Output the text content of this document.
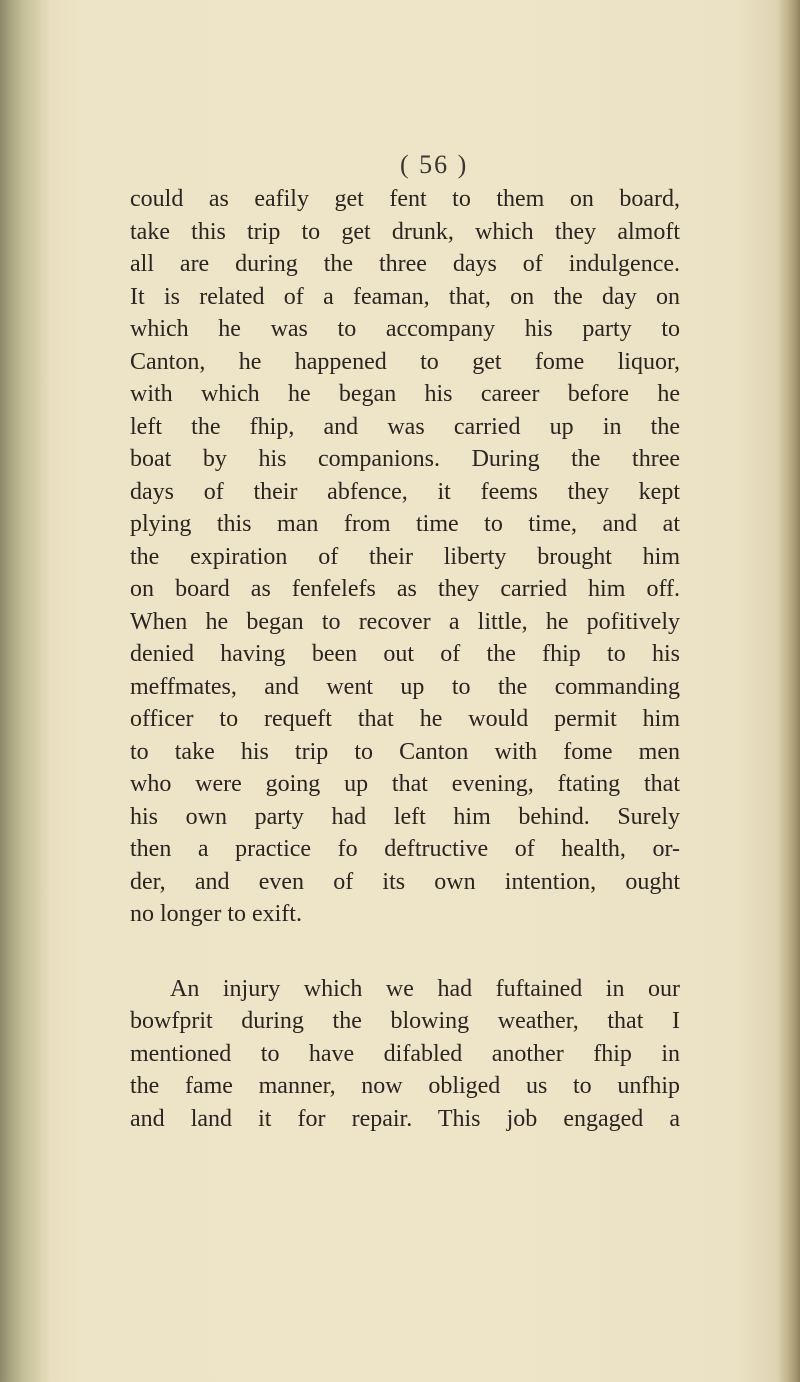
( 56 )
could as eafily get fent to them on board,
take this trip to get drunk, which they almoft
all are during the three days of indulgence.
It is related of a feaman, that, on the day on
which he was to accompany his party to
Canton, he happened to get fome liquor,
with which he began his career before he
left the fhip, and was carried up in the
boat by his companions. During the three
days of their abfence, it feems they kept
plying this man from time to time, and at
the expiration of their liberty brought him
on board as fenfelefs as they carried him off.
When he began to recover a little, he pofitively
denied having been out of the fhip to his
meffmates, and went up to the commanding
officer to requeft that he would permit him
to take his trip to Canton with fome men
who were going up that evening, ftating that
his own party had left him behind. Surely
then a practice fo deftructive of health, or-
der, and even of its own intention, ought
no longer to exift.
An injury which we had fuftained in our
bowfprit during the blowing weather, that I
mentioned to have difabled another fhip in
the fame manner, now obliged us to unfhip
and land it for repair. This job engaged a
